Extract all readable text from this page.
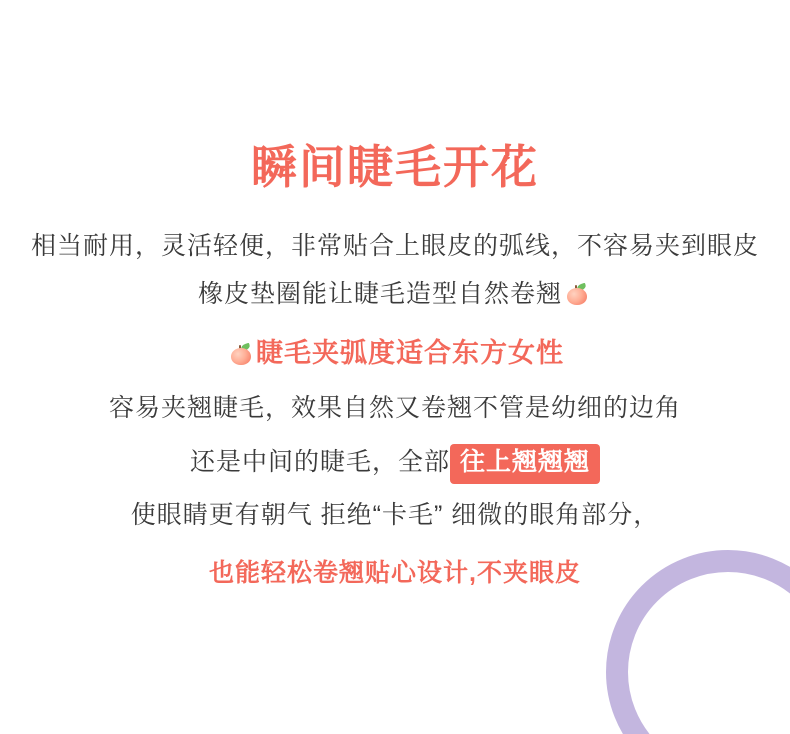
瞬间睫毛开花

相当耐用，灵活轻便，非常贴合上眼皮的弧线，不容易夹到眼皮

橡皮垫圈能让睫毛造型自然卷翘

睫毛夹弧度适合东方女性

容易夹翘睫毛，效果自然又卷翘不管是幼细的边角

还是中间的睫毛，全部 往上翘翘翘

使眼睛更有朝气 拒绝“卡毛” 细微的眼角部分，

也能轻松卷翘贴心设计,不夹眼皮
